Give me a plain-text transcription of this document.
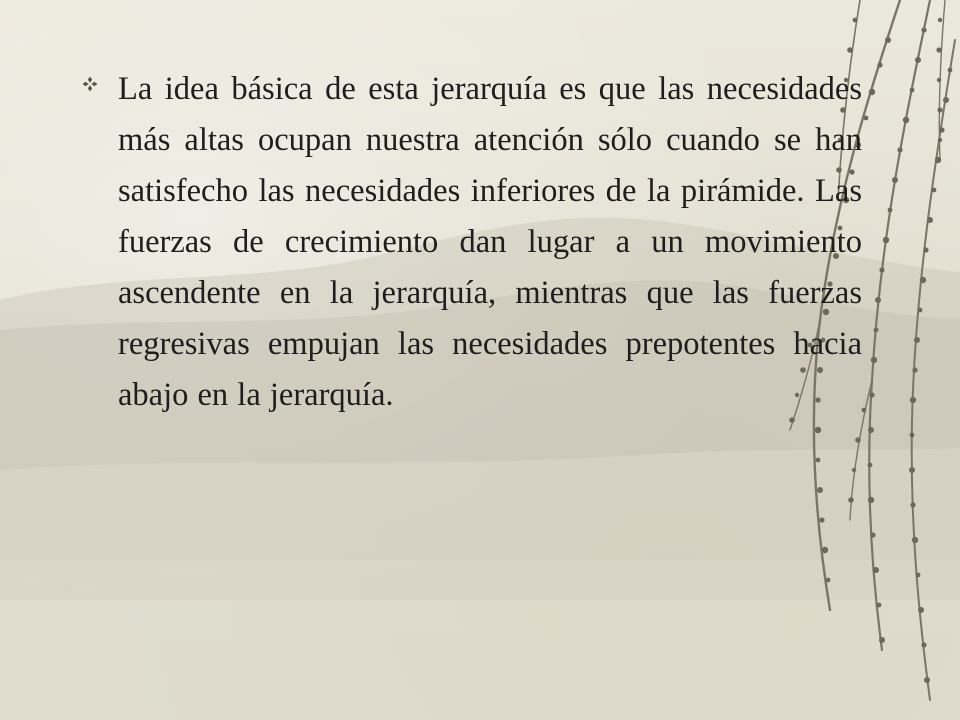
La idea básica de esta jerarquía es que las necesidades más altas ocupan nuestra atención sólo cuando se han satisfecho las necesidades inferiores de la pirámide. Las fuerzas de crecimiento dan lugar a un movimiento ascendente en la jerarquía, mientras que las fuerzas regresivas empujan las necesidades prepotentes hacia abajo en la jerarquía.
